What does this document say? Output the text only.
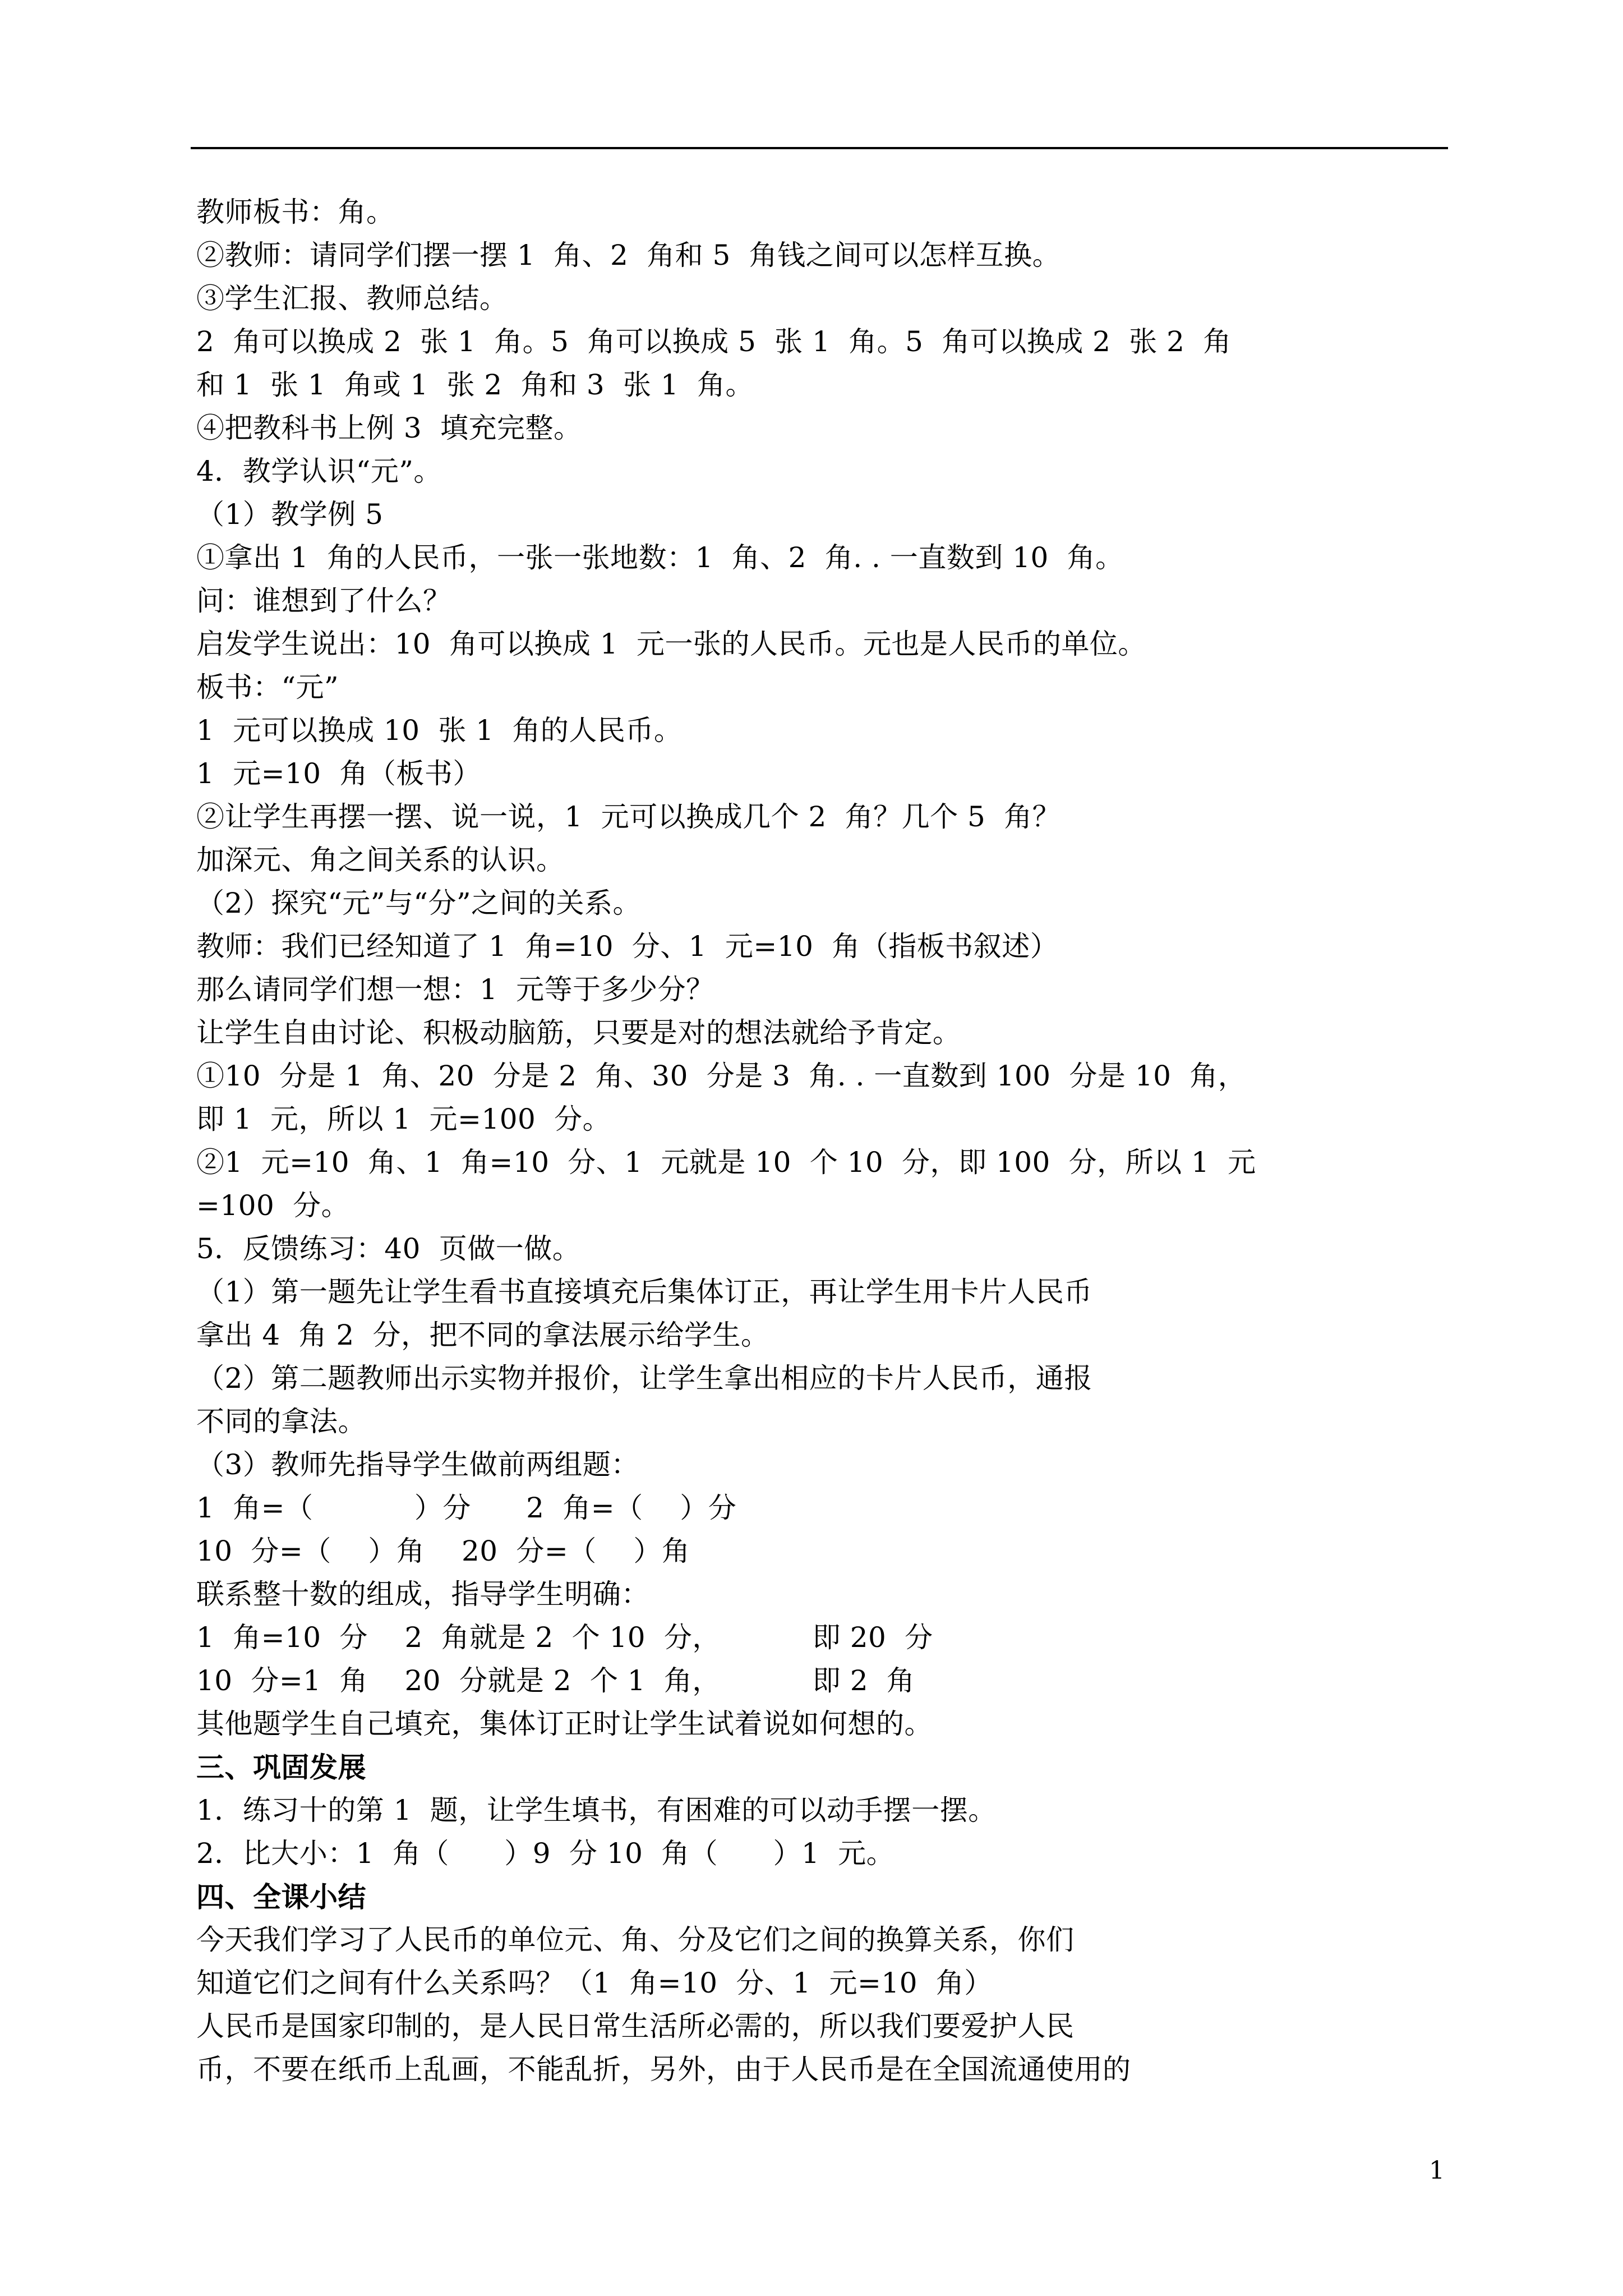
教师板书：角。
②教师：请同学们摆一摆 1  角、2  角和 5  角钱之间可以怎样互换。
③学生汇报、教师总结。
2  角可以换成 2  张 1  角。5  角可以换成 5  张 1  角。5  角可以换成 2  张 2  角
和 1  张 1  角或 1  张 2  角和 3  张 1  角。
④把教科书上例 3  填充完整。
4．教学认识“元”。
（1）教学例 5
①拿出 1  角的人民币，一张一张地数：1  角、2  角. . 一直数到 10  角。
问：谁想到了什么？
启发学生说出：10  角可以换成 1  元一张的人民币。元也是人民币的单位。
板书：“元”
1  元可以换成 10  张 1  角的人民币。
1  元=10  角（板书）
②让学生再摆一摆、说一说，1  元可以换成几个 2  角？几个 5  角？
加深元、角之间关系的认识。
（2）探究“元”与“分”之间的关系。
教师：我们已经知道了 1  角=10  分、1  元=10  角（指板书叙述）
那么请同学们想一想：1  元等于多少分？
让学生自由讨论、积极动脑筋，只要是对的想法就给予肯定。
①10  分是 1  角、20  分是 2  角、30  分是 3  角. . 一直数到 100  分是 10  角，
即 1  元，所以 1  元=100  分。
②1  元=10  角、1  角=10  分、1  元就是 10  个 10  分，即 100  分，所以 1  元
=100  分。
5．反馈练习：40  页做一做。
（1）第一题先让学生看书直接填充后集体订正，再让学生用卡片人民币
拿出 4  角 2  分，把不同的拿法展示给学生。
（2）第二题教师出示实物并报价，让学生拿出相应的卡片人民币，通报
不同的拿法。
（3）教师先指导学生做前两组题：
1  角=（           ）分      2  角=（    ）分
10  分=（    ）角    20  分=（    ）角
联系整十数的组成，指导学生明确：
1  角=10  分    2  角就是 2  个 10  分，          即 20  分
10  分=1  角    20  分就是 2  个 1  角，          即 2  角
其他题学生自己填充，集体订正时让学生试着说如何想的。
三、巩固发展
1．练习十的第 1  题，让学生填书，有困难的可以动手摆一摆。
2．比大小：1  角（      ）9  分 10  角（      ）1  元。
四、全课小结
今天我们学习了人民币的单位元、角、分及它们之间的换算关系，你们
知道它们之间有什么关系吗？（1  角=10  分、1  元=10  角）
人民币是国家印制的，是人民日常生活所必需的，所以我们要爱护人民
币，不要在纸币上乱画，不能乱折，另外，由于人民币是在全国流通使用的
1
